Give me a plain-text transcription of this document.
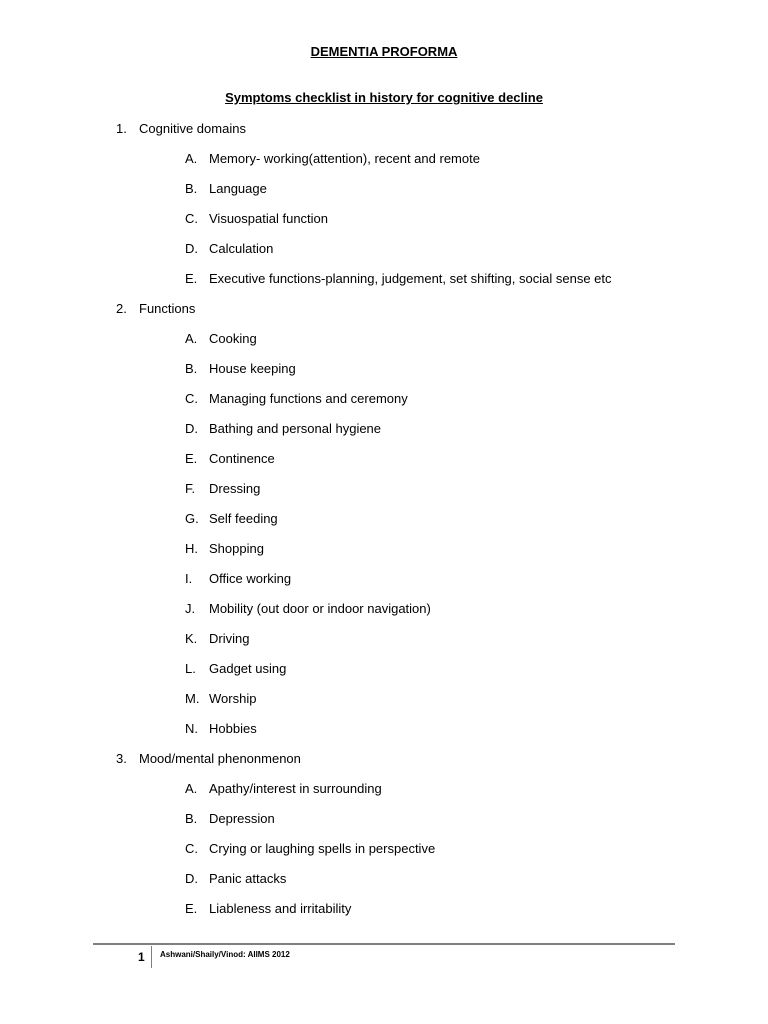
DEMENTIA PROFORMA
Symptoms checklist in history for cognitive decline
1. Cognitive domains
A. Memory- working(attention), recent and remote
B. Language
C. Visuospatial function
D. Calculation
E. Executive functions-planning, judgement, set shifting, social sense etc
2. Functions
A. Cooking
B. House keeping
C. Managing functions and ceremony
D. Bathing and personal hygiene
E. Continence
F. Dressing
G. Self feeding
H. Shopping
I. Office working
J. Mobility (out door or indoor navigation)
K. Driving
L. Gadget using
M. Worship
N. Hobbies
3. Mood/mental phenonmenon
A. Apathy/interest in surrounding
B. Depression
C. Crying or laughing spells in perspective
D. Panic attacks
E. Liableness and irritability
1 Ashwani/Shaily/Vinod: AIIMS 2012
